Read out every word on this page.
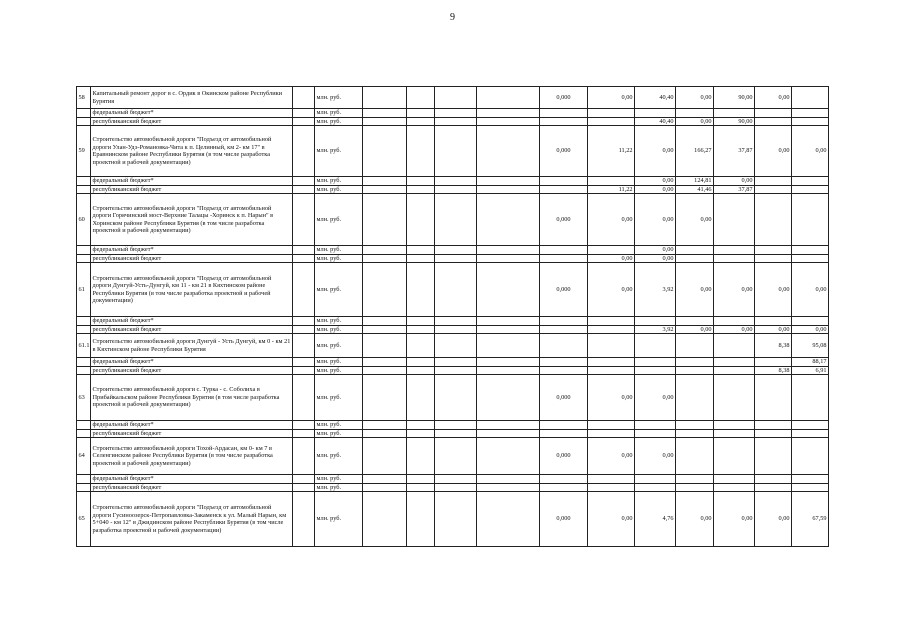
9
58	Капитальный ремонт дорог в с. Ордик в Окинском районе Республики Бурятия		млн. руб.					0,000	0,00	40,40	0,00	90,00	0,00	
	федеральный бюджет*		млн. руб.											
	республиканский бюджет		млн. руб.							40,40	0,00	90,00		
59	Строительство автомобильной дороги "Подъезд от автомобильной дороги Улан-Удэ-Романовка-Чита к п. Целинный, км 2- км 17" в Еравнинском районе Республики Бурятия (в том числе разработка проектной и рабочей документации)		млн. руб.					0,000	11,22	0,00	166,27	37,87	0,00	0,00
	федеральный бюджет*		млн. руб.							0,00	124,81	0,00		
	республиканский бюджет		млн. руб.						11,22	0,00	41,46	37,87		
60	Строительство автомобильной дороги "Подъезд от автомобильной дороги Горячинский мост-Верхние Талацы -Хоринск к п. Нарын" в Хоринском районе Республики Бурятия (в том числе разработка проектной и рабочей документации)		млн. руб.					0,000	0,00	0,00	0,00			
	федеральный бюджет*		млн. руб.							0,00				
	республиканский бюджет		млн. руб.						0,00	0,00				
61	Строительство автомобильной дороги "Подъезд от автомобильной дороги Дунгуй-Усть-Дунгуй, км 11 - км 21 в Кяхтинском районе Республики Бурятия (в том числе разработка проектной и рабочей документации)		млн. руб.					0,000	0,00	3,92	0,00	0,00	0,00	0,00
	федеральный бюджет*		млн. руб.											
	республиканский бюджет		млн. руб.							3,92	0,00	0,00	0,00	0,00
61.1	Строительство автомобильной дороги Дунгуй - Усть Дунгуй, км 0 - км 21 в Кяхтинском районе Республики Бурятия		млн. руб.										8,38	95,08
	федеральный бюджет*		млн. руб.											88,17
	республиканский бюджет		млн. руб.										8,38	6,91
63	Строительство автомобильной дороги с. Турка - с. Соболиха в Прибайкальском районе Республики Бурятия (в том числе разработка проектной и рабочей документации)		млн. руб.					0,000	0,00	0,00				
	федеральный бюджет*		млн. руб.											
	республиканский бюджет		млн. руб.											
64	Строительство автомобильной дороги Тохой-Ардасан, км 0- км 7 в Селенгинском районе Республики Бурятия (в том числе разработка проектной и рабочей документации)		млн. руб.					0,000	0,00	0,00				
	федеральный бюджет*		млн. руб.											
	республиканский бюджет		млн. руб.											
65	Строительство автомобильной дороги "Подъезд от автомобильной дороги Гусиноозерск-Петропавловка-Закаменск к ул. Малый Нарын, км 5+040 - км 12" в Джидинском районе Республики Бурятия (в том числе разработка проектной и рабочей документации)		млн. руб.					0,000	0,00	4,76	0,00	0,00	0,00	67,59
